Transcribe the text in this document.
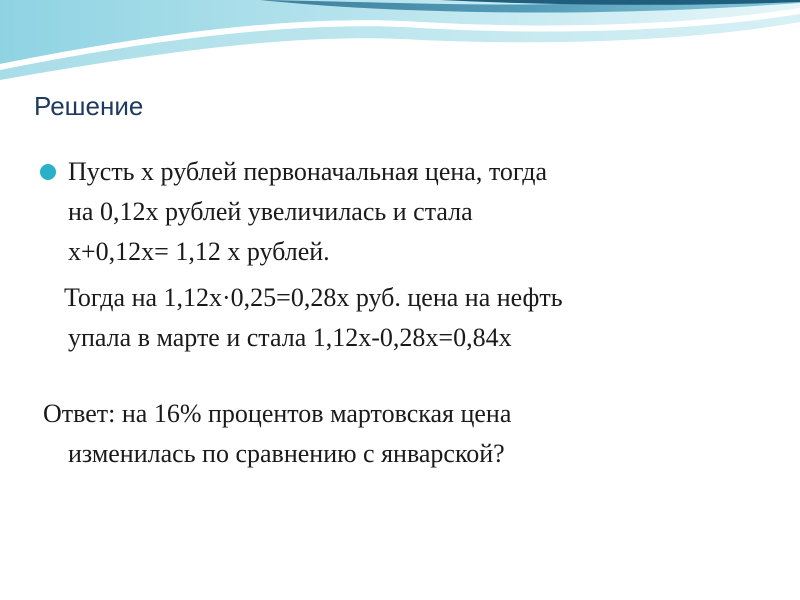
Решение
Пусть х рублей первоначальная цена, тогда
на 0,12х рублей увеличилась и стала
х+0,12х= 1,12 х рублей.
Тогда на 1,12х·0,25=0,28х руб. цена на нефть
упала в марте и стала 1,12х-0,28х=0,84х
Ответ: на 16% процентов мартовская цена
изменилась по сравнению с январской?
